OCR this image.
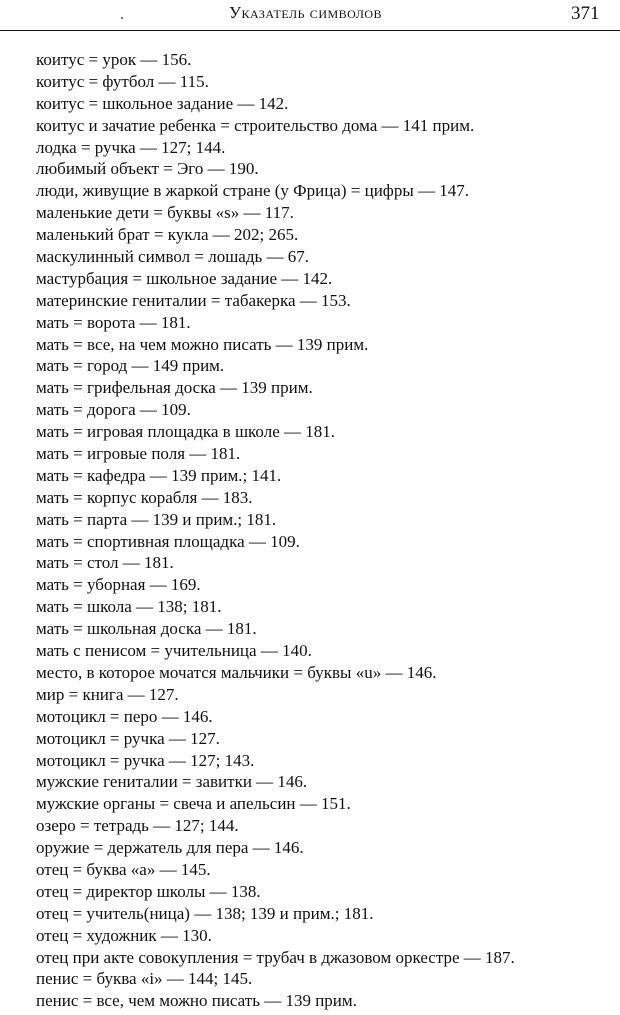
Указатель символов	371
коитус = урок — 156.
коитус = футбол — 115.
коитус = школьное задание — 142.
коитус и зачатие ребенка = строительство дома — 141 прим.
лодка = ручка — 127; 144.
любимый объект = Эго — 190.
люди, живущие в жаркой стране (у Фрица) = цифры — 147.
маленькие дети = буквы «s» — 117.
маленький брат = кукла — 202; 265.
маскулинный символ = лошадь — 67.
мастурбация = школьное задание — 142.
материнские гениталии = табакерка — 153.
мать = ворота — 181.
мать = все, на чем можно писать — 139 прим.
мать = город — 149 прим.
мать = грифельная доска — 139 прим.
мать = дорога — 109.
мать = игровая площадка в школе — 181.
мать = игровые поля — 181.
мать = кафедра — 139 прим.; 141.
мать = корпус корабля — 183.
мать = парта — 139 и прим.; 181.
мать = спортивная площадка — 109.
мать = стол — 181.
мать = уборная — 169.
мать = школа — 138; 181.
мать = школьная доска — 181.
мать с пенисом = учительница — 140.
место, в которое мочатся мальчики = буквы «u» — 146.
мир = книга — 127.
мотоцикл = перо — 146.
мотоцикл = ручка — 127.
мотоцикл = ручка — 127; 143.
мужские гениталии = завитки — 146.
мужские органы = свеча и апельсин — 151.
озеро = тетрадь — 127; 144.
оружие = держатель для пера — 146.
отец = буква «а» — 145.
отец = директор школы — 138.
отец = учитель(ница) — 138; 139 и прим.; 181.
отец = художник — 130.
отец при акте совокупления = трубач в джазовом оркестре — 187.
пенис = буква «i» — 144; 145.
пенис = все, чем можно писать — 139 прим.
